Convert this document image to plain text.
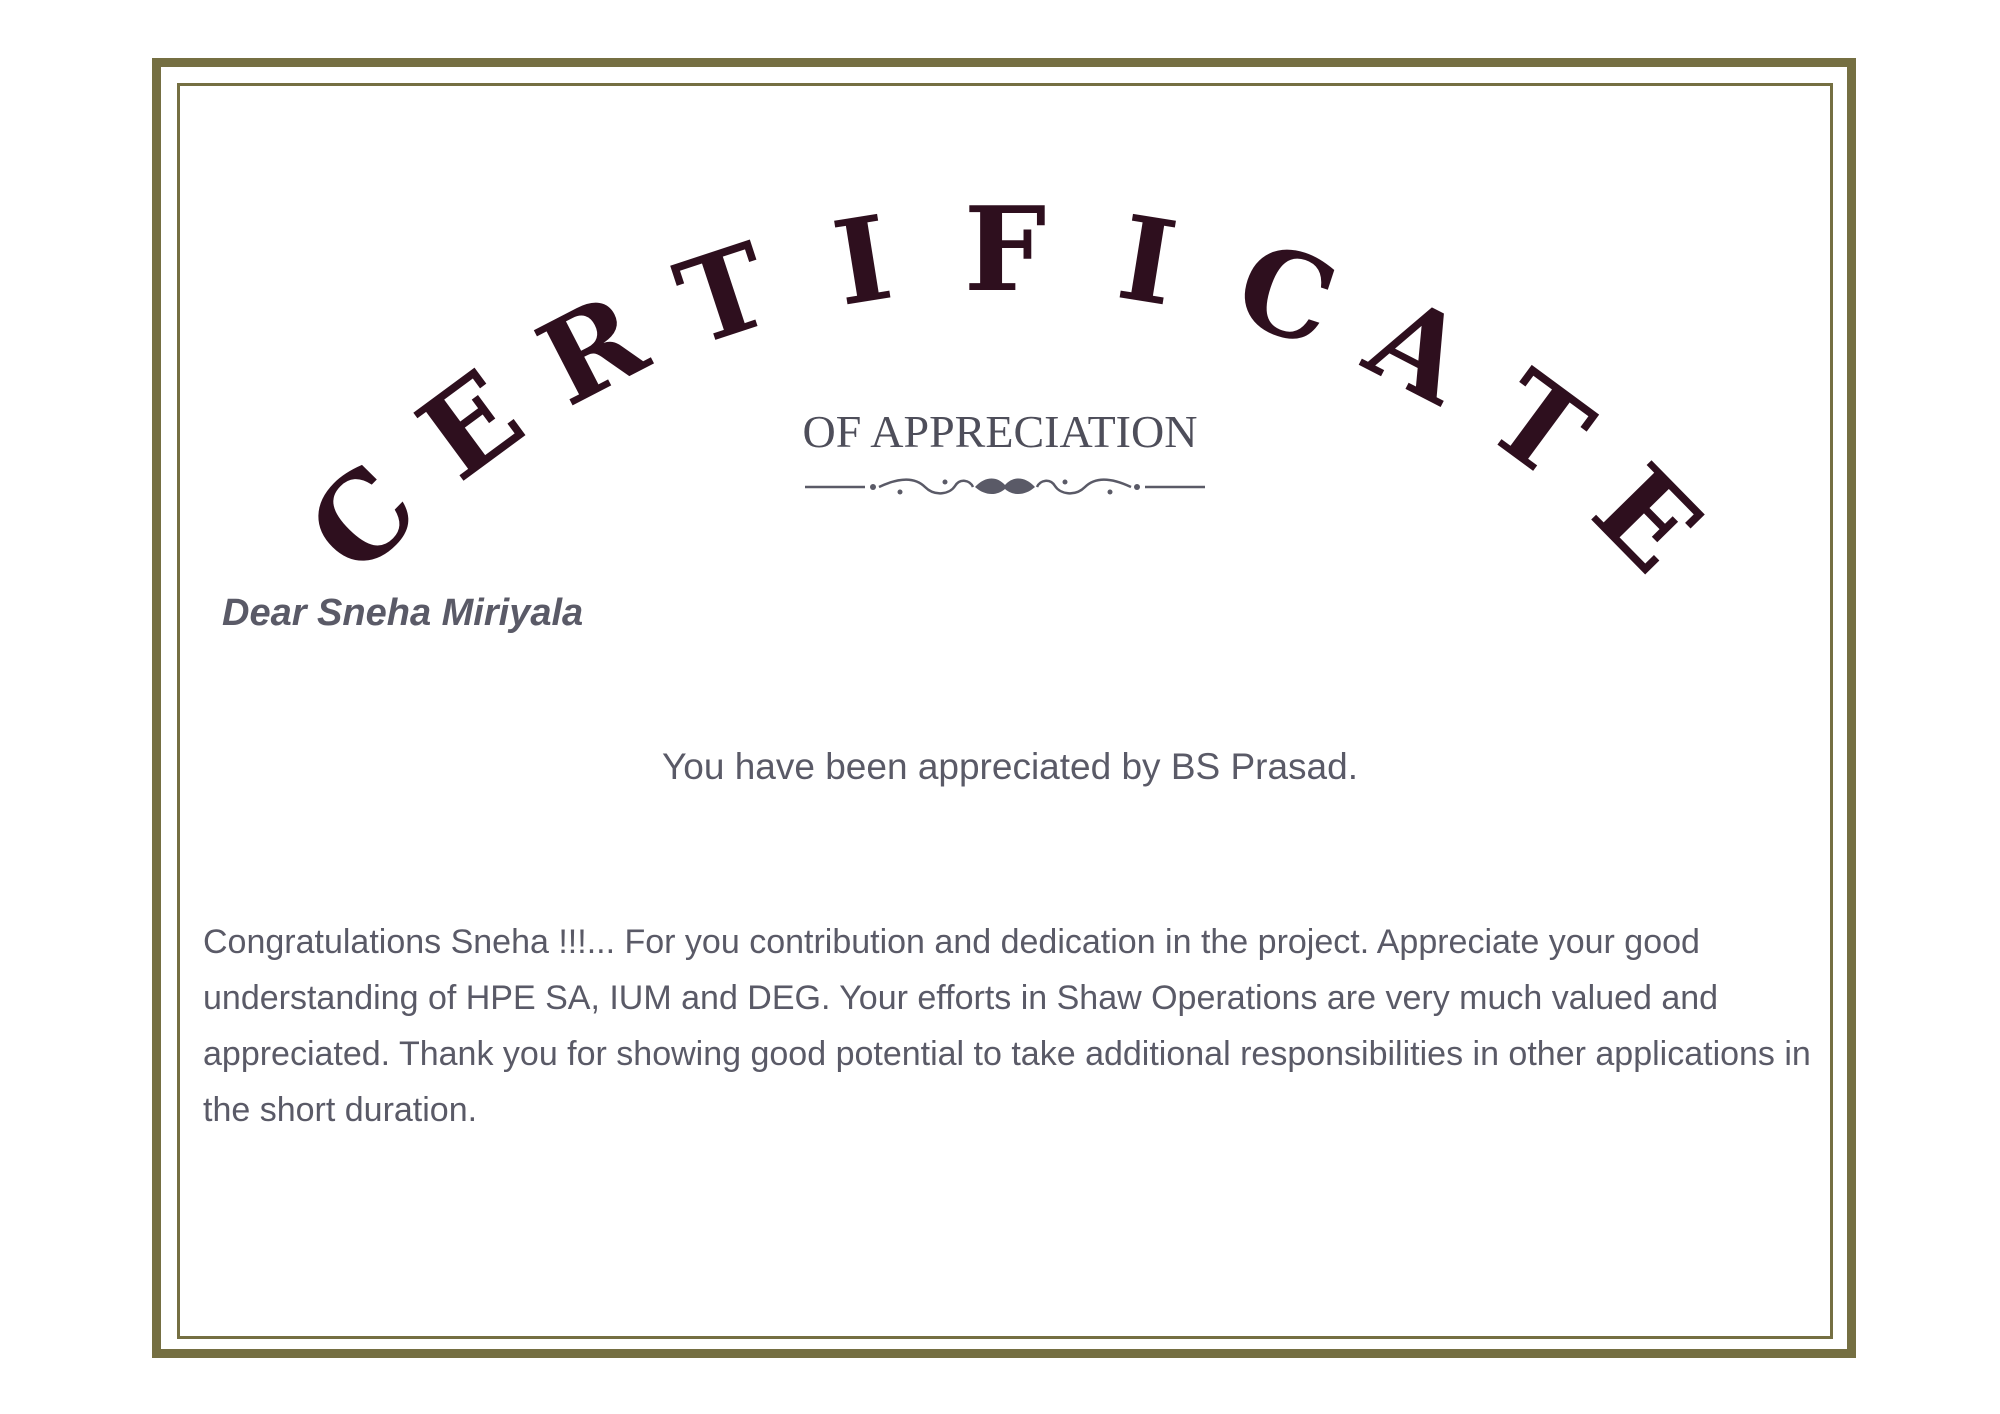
C
E
R
T I F I C
A
T
E
OF APPRECIATION
Dear Sneha Miriyala
You have been appreciated by BS Prasad.
Congratulations Sneha !!!... For you contribution and dedication in the project. Appreciate your good understanding of HPE SA, IUM and DEG. Your efforts in Shaw Operations are very much valued and appreciated. Thank you for showing good potential to take additional responsibilities in other applications in the short duration.
